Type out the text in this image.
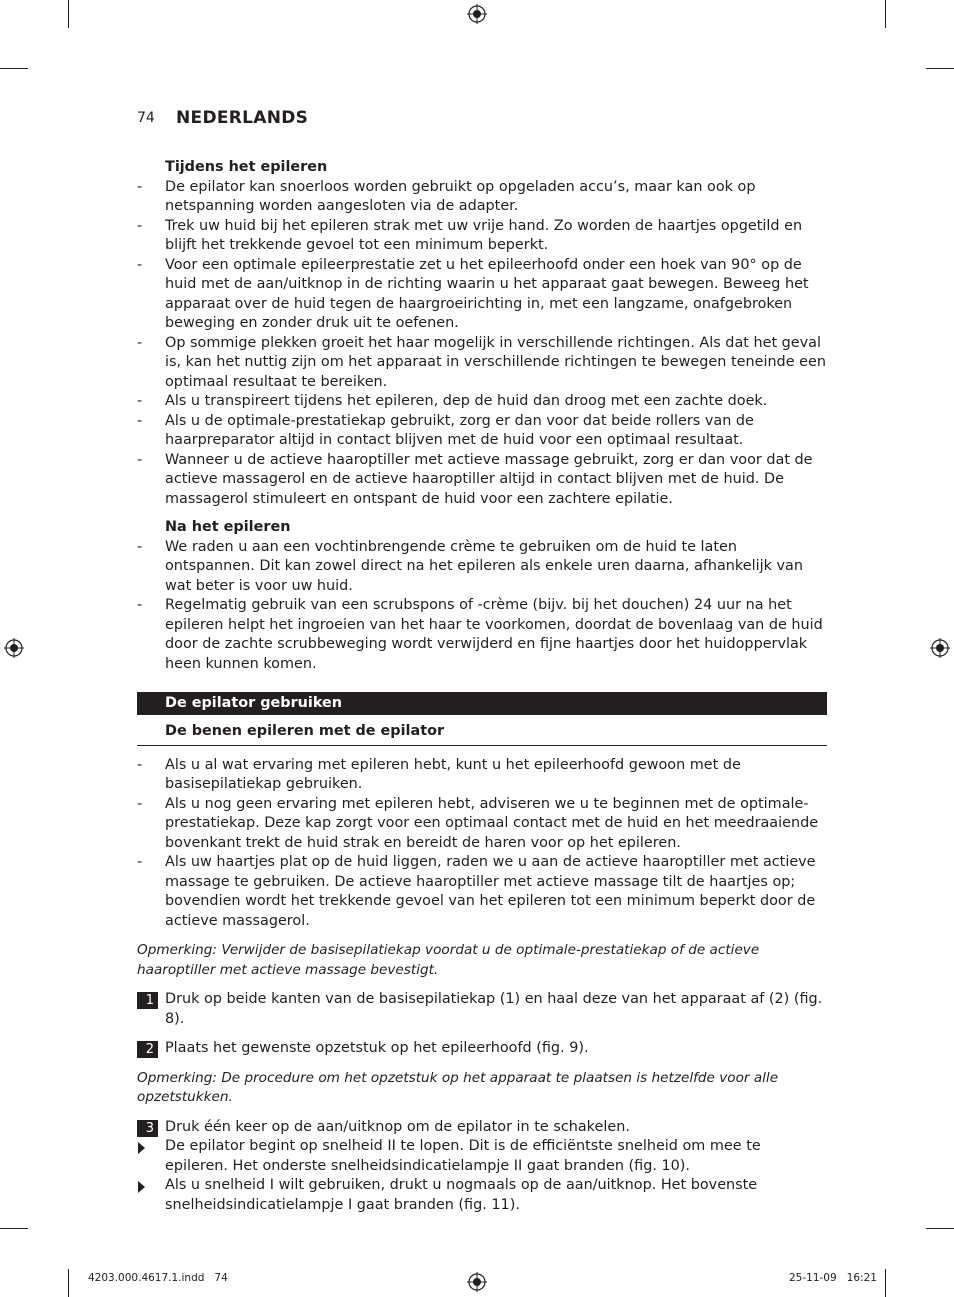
74 NEDERLANDS
Tijdens het epileren
- De epilator kan snoerloos worden gebruikt op opgeladen accu’s, maar kan ook op netspanning worden aangesloten via de adapter.
- Trek uw huid bij het epileren strak met uw vrije hand. Zo worden de haartjes opgetild en blijft het trekkende gevoel tot een minimum beperkt.
- Voor een optimale epileerprestatie zet u het epileerhoofd onder een hoek van 90° op de huid met de aan/uitknop in de richting waarin u het apparaat gaat bewegen. Beweeg het apparaat over de huid tegen de haargroeirichting in, met een langzame, onafgebroken beweging en zonder druk uit te oefenen.
- Op sommige plekken groeit het haar mogelijk in verschillende richtingen. Als dat het geval is, kan het nuttig zijn om het apparaat in verschillende richtingen te bewegen teneinde een optimaal resultaat te bereiken.
- Als u transpireert tijdens het epileren, dep de huid dan droog met een zachte doek.
- Als u de optimale-prestatiekap gebruikt, zorg er dan voor dat beide rollers van de haarpreparator altijd in contact blijven met de huid voor een optimaal resultaat.
- Wanneer u de actieve haaroptiller met actieve massage gebruikt, zorg er dan voor dat de actieve massagerol en de actieve haaroptiller altijd in contact blijven met de huid. De massagerol stimuleert en ontspant de huid voor een zachtere epilatie.
Na het epileren
- We raden u aan een vochtinbrengende crème te gebruiken om de huid te laten ontspannen. Dit kan zowel direct na het epileren als enkele uren daarna, afhankelijk van wat beter is voor uw huid.
- Regelmatig gebruik van een scrubspons of -crème (bijv. bij het douchen) 24 uur na het epileren helpt het ingroeien van het haar te voorkomen, doordat de bovenlaag van de huid door de zachte scrubbeweging wordt verwijderd en fijne haartjes door het huidoppervlak heen kunnen komen.
De epilator gebruiken
De benen epileren met de epilator
- Als u al wat ervaring met epileren hebt, kunt u het epileerhoofd gewoon met de basisepilatiekap gebruiken.
- Als u nog geen ervaring met epileren hebt, adviseren we u te beginnen met de optimale-prestatiekap. Deze kap zorgt voor een optimaal contact met de huid en het meedraaiende bovenkant trekt de huid strak en bereidt de haren voor op het epileren.
- Als uw haartjes plat op de huid liggen, raden we u aan de actieve haaroptiller met actieve massage te gebruiken. De actieve haaroptiller met actieve massage tilt de haartjes op; bovendien wordt het trekkende gevoel van het epileren tot een minimum beperkt door de actieve massagerol.
Opmerking: Verwijder de basisepilatiekap voordat u de optimale-prestatiekap of de actieve haaroptiller met actieve massage bevestigt.
1 Druk op beide kanten van de basisepilatiekap (1) en haal deze van het apparaat af (2) (fig. 8).
2 Plaats het gewenste opzetstuk op het epileerhoofd (fig. 9).
Opmerking: De procedure om het opzetstuk op het apparaat te plaatsen is hetzelfde voor alle opzetstukken.
3 Druk één keer op de aan/uitknop om de epilator in te schakelen.
De epilator begint op snelheid II te lopen. Dit is de efficiëntste snelheid om mee te epileren. Het onderste snelheidsindicatielampje II gaat branden (fig. 10).
Als u snelheid I wilt gebruiken, drukt u nogmaals op de aan/uitknop. Het bovenste snelheidsindicatielampje I gaat branden (fig. 11).
4203.000.4617.1.indd   74	25-11-09   16:21
